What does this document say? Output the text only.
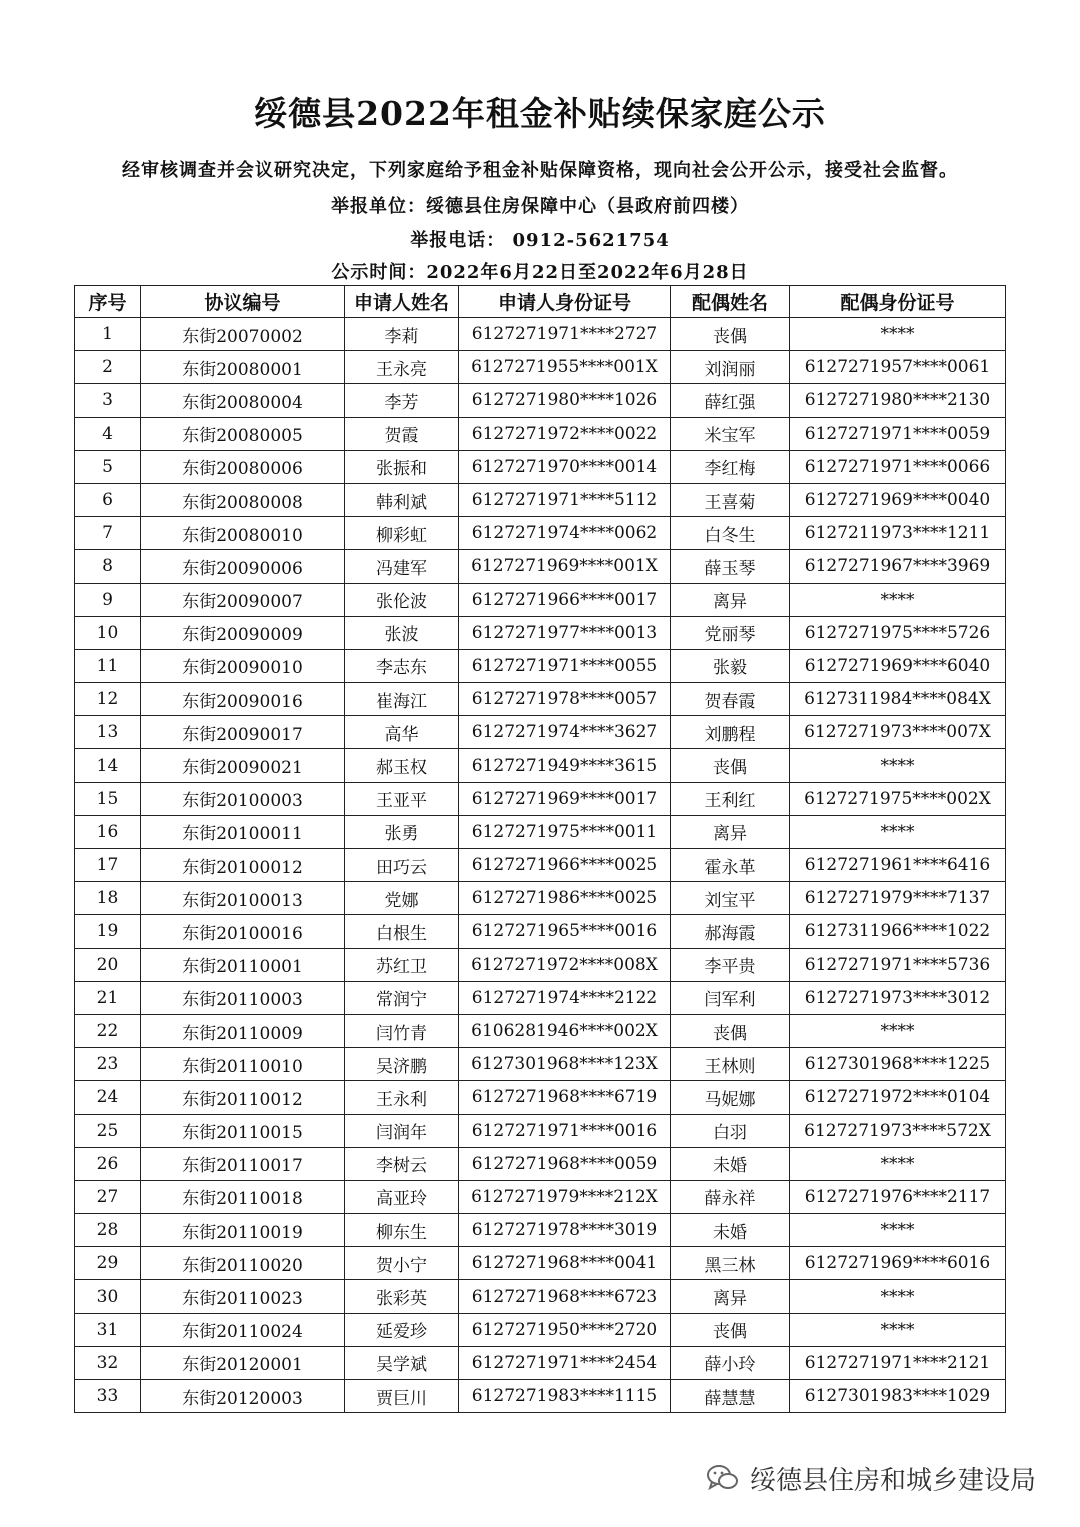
绥德县2022年租金补贴续保家庭公示
经审核调查并会议研究决定，下列家庭给予租金补贴保障资格，现向社会公开公示，接受社会监督。
举报单位：绥德县住房保障中心（县政府前四楼）
举报电话： 0912-5621754
公示时间：2022年6月22日至2022年6月28日
序号	协议编号	申请人姓名	申请人身份证号	配偶姓名	配偶身份证号
1	东街20070002	李莉	6127271971****2727	丧偶	****
2	东街20080001	王永亮	6127271955****001X	刘润丽	6127271957****0061
3	东街20080004	李芳	6127271980****1026	薛红强	6127271980****2130
4	东街20080005	贺霞	6127271972****0022	米宝军	6127271971****0059
5	东街20080006	张振和	6127271970****0014	李红梅	6127271971****0066
6	东街20080008	韩利斌	6127271971****5112	王喜菊	6127271969****0040
7	东街20080010	柳彩虹	6127271974****0062	白冬生	6127211973****1211
8	东街20090006	冯建军	6127271969****001X	薛玉琴	6127271967****3969
9	东街20090007	张伦波	6127271966****0017	离异	****
10	东街20090009	张波	6127271977****0013	党丽琴	6127271975****5726
11	东街20090010	李志东	6127271971****0055	张毅	6127271969****6040
12	东街20090016	崔海江	6127271978****0057	贺春霞	6127311984****084X
13	东街20090017	高华	6127271974****3627	刘鹏程	6127271973****007X
14	东街20090021	郝玉权	6127271949****3615	丧偶	****
15	东街20100003	王亚平	6127271969****0017	王利红	6127271975****002X
16	东街20100011	张勇	6127271975****0011	离异	****
17	东街20100012	田巧云	6127271966****0025	霍永革	6127271961****6416
18	东街20100013	党娜	6127271986****0025	刘宝平	6127271979****7137
19	东街20100016	白根生	6127271965****0016	郝海霞	6127311966****1022
20	东街20110001	苏红卫	6127271972****008X	李平贵	6127271971****5736
21	东街20110003	常润宁	6127271974****2122	闫军利	6127271973****3012
22	东街20110009	闫竹青	6106281946****002X	丧偶	****
23	东街20110010	吴济鹏	6127301968****123X	王林则	6127301968****1225
24	东街20110012	王永利	6127271968****6719	马妮娜	6127271972****0104
25	东街20110015	闫润年	6127271971****0016	白羽	6127271973****572X
26	东街20110017	李树云	6127271968****0059	未婚	****
27	东街20110018	高亚玲	6127271979****212X	薛永祥	6127271976****2117
28	东街20110019	柳东生	6127271978****3019	未婚	****
29	东街20110020	贺小宁	6127271968****0041	黑三林	6127271969****6016
30	东街20110023	张彩英	6127271968****6723	离异	****
31	东街20110024	延爱珍	6127271950****2720	丧偶	****
32	东街20120001	吴学斌	6127271971****2454	薛小玲	6127271971****2121
33	东街20120003	贾巨川	6127271983****1115	薛慧慧	6127301983****1029
绥德县住房和城乡建设局
